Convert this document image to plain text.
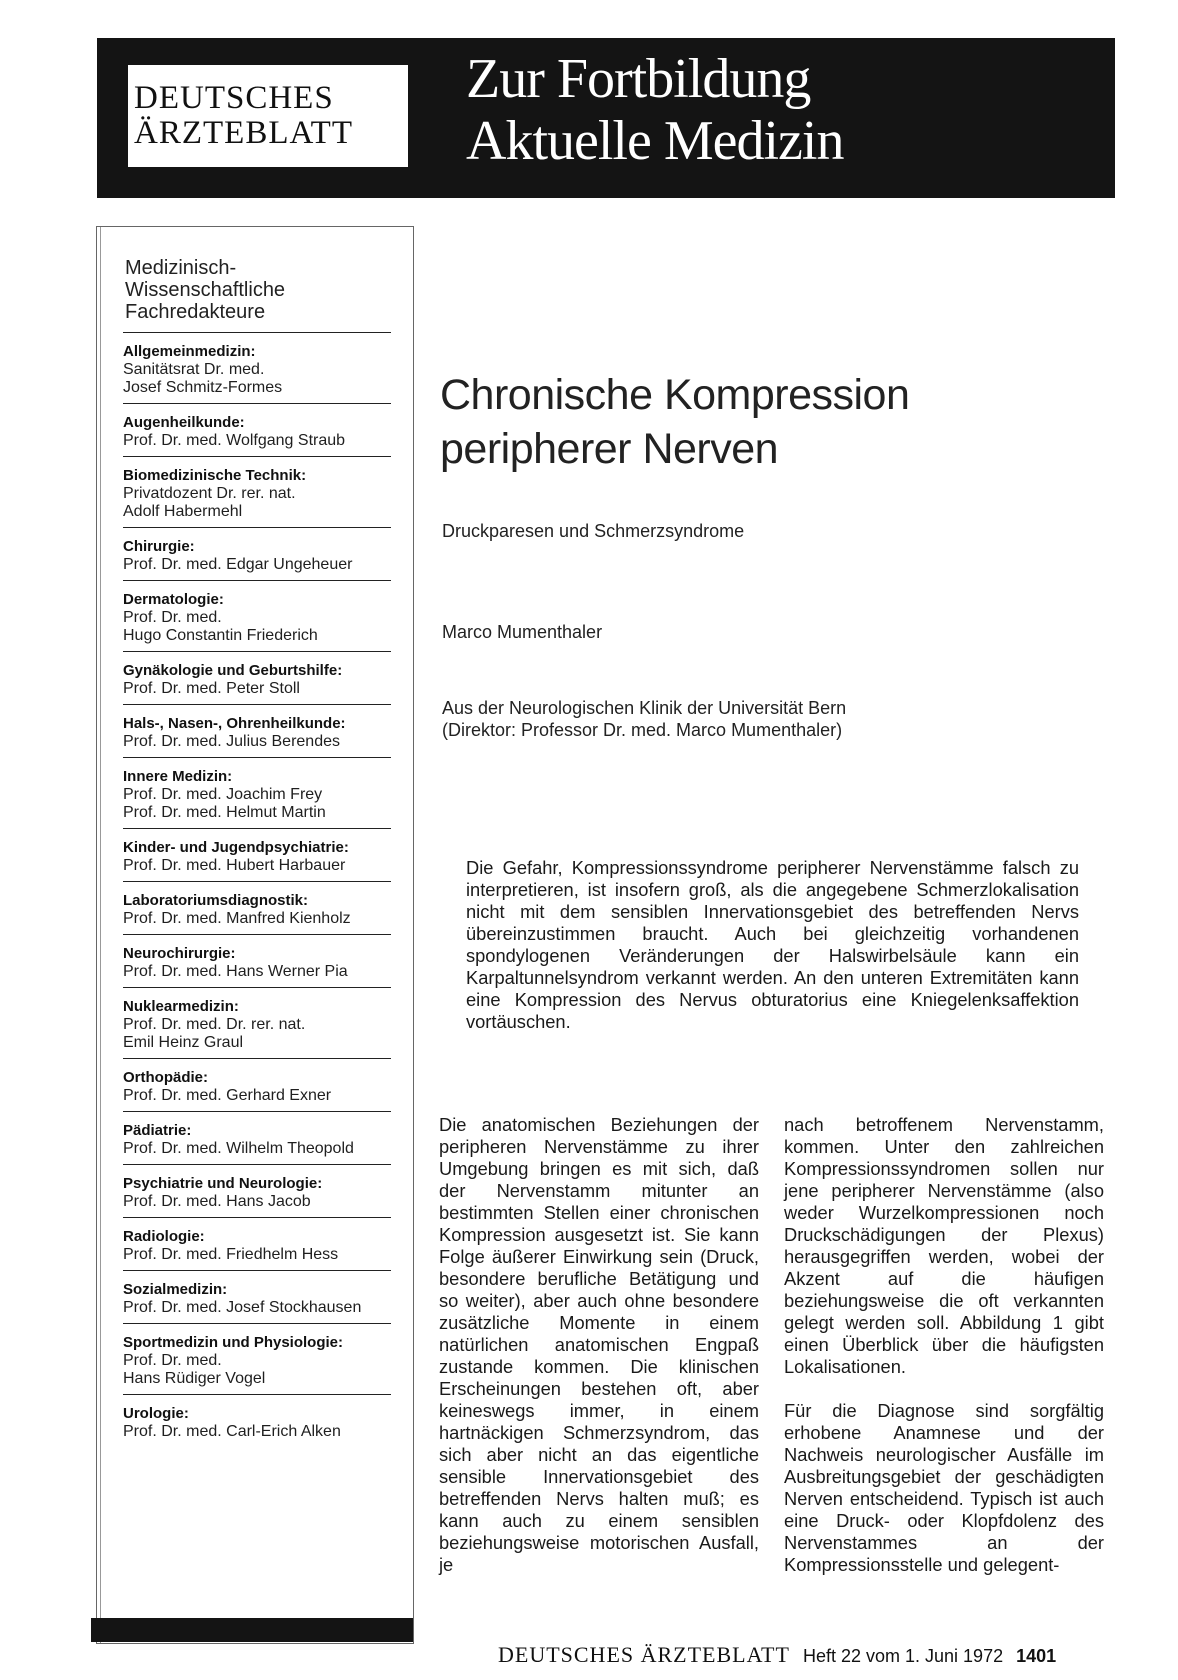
DEUTSCHES
ÄRZTEBLATT
Zur Fortbildung
Aktuelle Medizin
Medizinisch-
Wissenschaftliche
Fachredakteure
Allgemeinmedizin:
Sanitätsrat Dr. med.
Josef Schmitz-Formes
Augenheilkunde:
Prof. Dr. med. Wolfgang Straub
Biomedizinische Technik:
Privatdozent Dr. rer. nat.
Adolf Habermehl
Chirurgie:
Prof. Dr. med. Edgar Ungeheuer
Dermatologie:
Prof. Dr. med.
Hugo Constantin Friederich
Gynäkologie und Geburtshilfe:
Prof. Dr. med. Peter Stoll
Hals-, Nasen-, Ohrenheilkunde:
Prof. Dr. med. Julius Berendes
Innere Medizin:
Prof. Dr. med. Joachim Frey
Prof. Dr. med. Helmut Martin
Kinder- und Jugendpsychiatrie:
Prof. Dr. med. Hubert Harbauer
Laboratoriumsdiagnostik:
Prof. Dr. med. Manfred Kienholz
Neurochirurgie:
Prof. Dr. med. Hans Werner Pia
Nuklearmedizin:
Prof. Dr. med. Dr. rer. nat.
Emil Heinz Graul
Orthopädie:
Prof. Dr. med. Gerhard Exner
Pädiatrie:
Prof. Dr. med. Wilhelm Theopold
Psychiatrie und Neurologie:
Prof. Dr. med. Hans Jacob
Radiologie:
Prof. Dr. med. Friedhelm Hess
Sozialmedizin:
Prof. Dr. med. Josef Stockhausen
Sportmedizin und Physiologie:
Prof. Dr. med.
Hans Rüdiger Vogel
Urologie:
Prof. Dr. med. Carl-Erich Alken
Chronische Kompression
peripherer Nerven
Druckparesen und Schmerzsyndrome
Marco Mumenthaler
Aus der Neurologischen Klinik der Universität Bern
(Direktor: Professor Dr. med. Marco Mumenthaler)

Die Gefahr, Kompressionssyndrome peripherer Nervenstämme falsch zu interpretieren, ist insofern groß, als die angegebene Schmerzlokalisation nicht mit dem sensiblen Innervationsgebiet des betreffenden Nervs übereinzustimmen braucht. Auch bei gleichzeitig vorhandenen spondylogenen Veränderungen der Halswirbelsäule kann ein Karpaltunnelsyndrom verkannt werden. An den unteren Extremitäten kann eine Kompression des Nervus obturatorius eine Kniegelenksaffektion vortäuschen.

Die anatomischen Beziehungen der peripheren Nervenstämme zu ihrer Umgebung bringen es mit sich, daß der Nervenstamm mitunter an bestimmten Stellen einer chronischen Kompression ausgesetzt ist. Sie kann Folge äußerer Einwirkung sein (Druck, besondere berufliche Betätigung und so weiter), aber auch ohne besondere zusätzliche Momente in einem natürlichen anatomischen Engpaß zustande kommen. Die klinischen Erscheinungen bestehen oft, aber keineswegs immer, in einem hartnäckigen Schmerzsyndrom, das sich aber nicht an das eigentliche sensible Innervationsgebiet des betreffenden Nervs halten muß; es kann auch zu einem sensiblen beziehungsweise motorischen Ausfall, je

nach betroffenem Nervenstamm, kommen. Unter den zahlreichen Kompressionssyndromen sollen nur jene peripherer Nervenstämme (also weder Wurzelkompressionen noch Druckschädigungen der Plexus) herausgegriffen werden, wobei der Akzent auf die häufigen beziehungsweise die oft verkannten gelegt werden soll. Abbildung 1 gibt einen Überblick über die häufigsten Lokalisationen.

Für die Diagnose sind sorgfältig erhobene Anamnese und der Nachweis neurologischer Ausfälle im Ausbreitungsgebiet der geschädigten Nerven entscheidend. Typisch ist auch eine Druck- oder Klopfdolenz des Nervenstammes an der Kompressionsstelle und gelegent-

DEUTSCHES ÄRZTEBLATT Heft 22 vom 1. Juni 1972 1401
